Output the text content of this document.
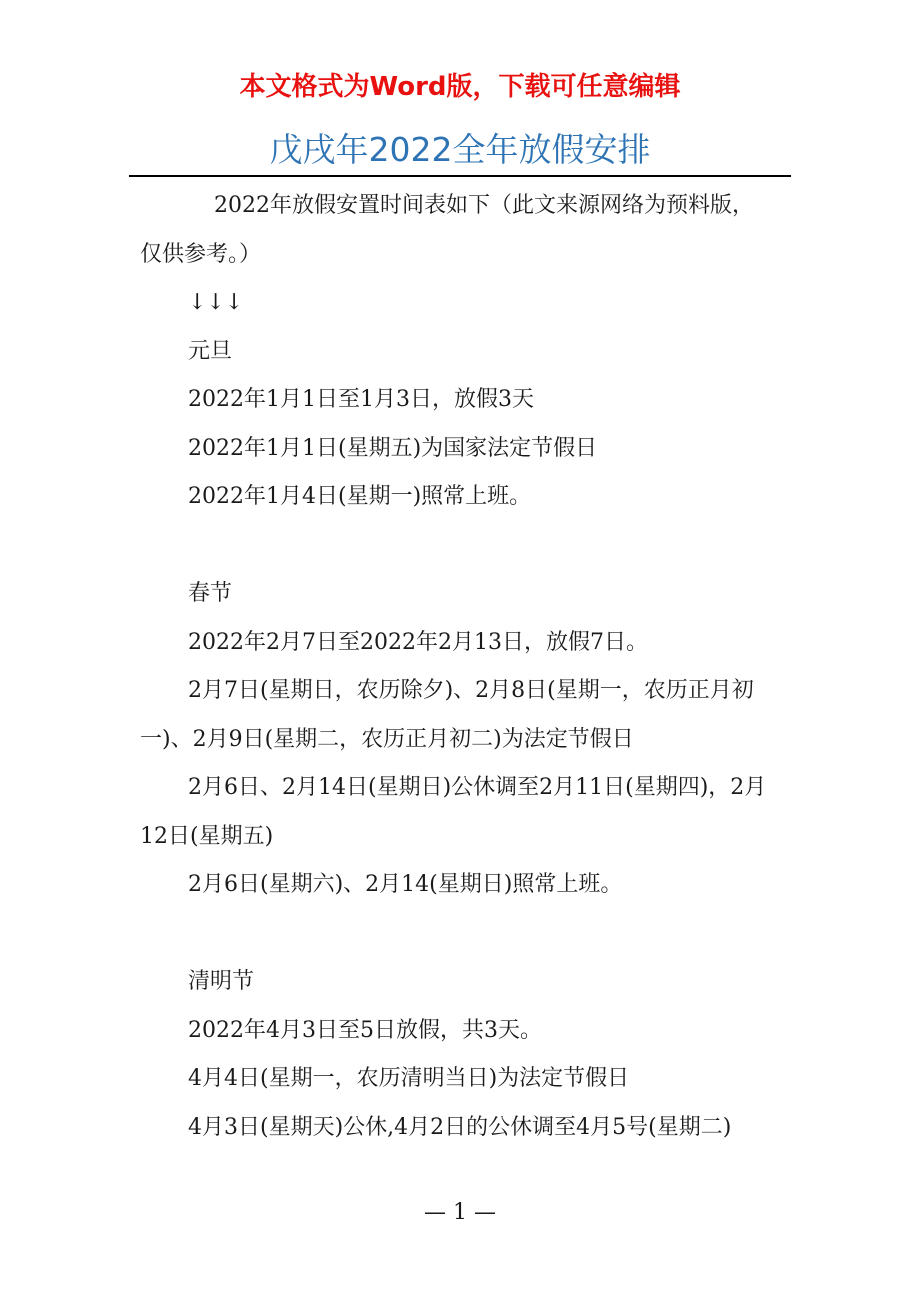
本文格式为Word版，下载可任意编辑
戊戌年2022全年放假安排

2022年放假安置时间表如下（此文来源网络为预料版，仅供参考。）

↓↓↓

元旦

2022年1月1日至1月3日，放假3天

2022年1月1日(星期五)为国家法定节假日

2022年1月4日(星期一)照常上班。

春节

2022年2月7日至2022年2月13日，放假7日。

2月7日(星期日，农历除夕)、2月8日(星期一，农历正月初一)、2月9日(星期二，农历正月初二)为法定节假日

2月6日、2月14日(星期日)公休调至2月11日(星期四)，2月12日(星期五)

2月6日(星期六)、2月14(星期日)照常上班。

清明节

2022年4月3日至5日放假，共3天。

4月4日(星期一，农历清明当日)为法定节假日

4月3日(星期天)公休,4月2日的公休调至4月5号(星期二)

— 1 —
